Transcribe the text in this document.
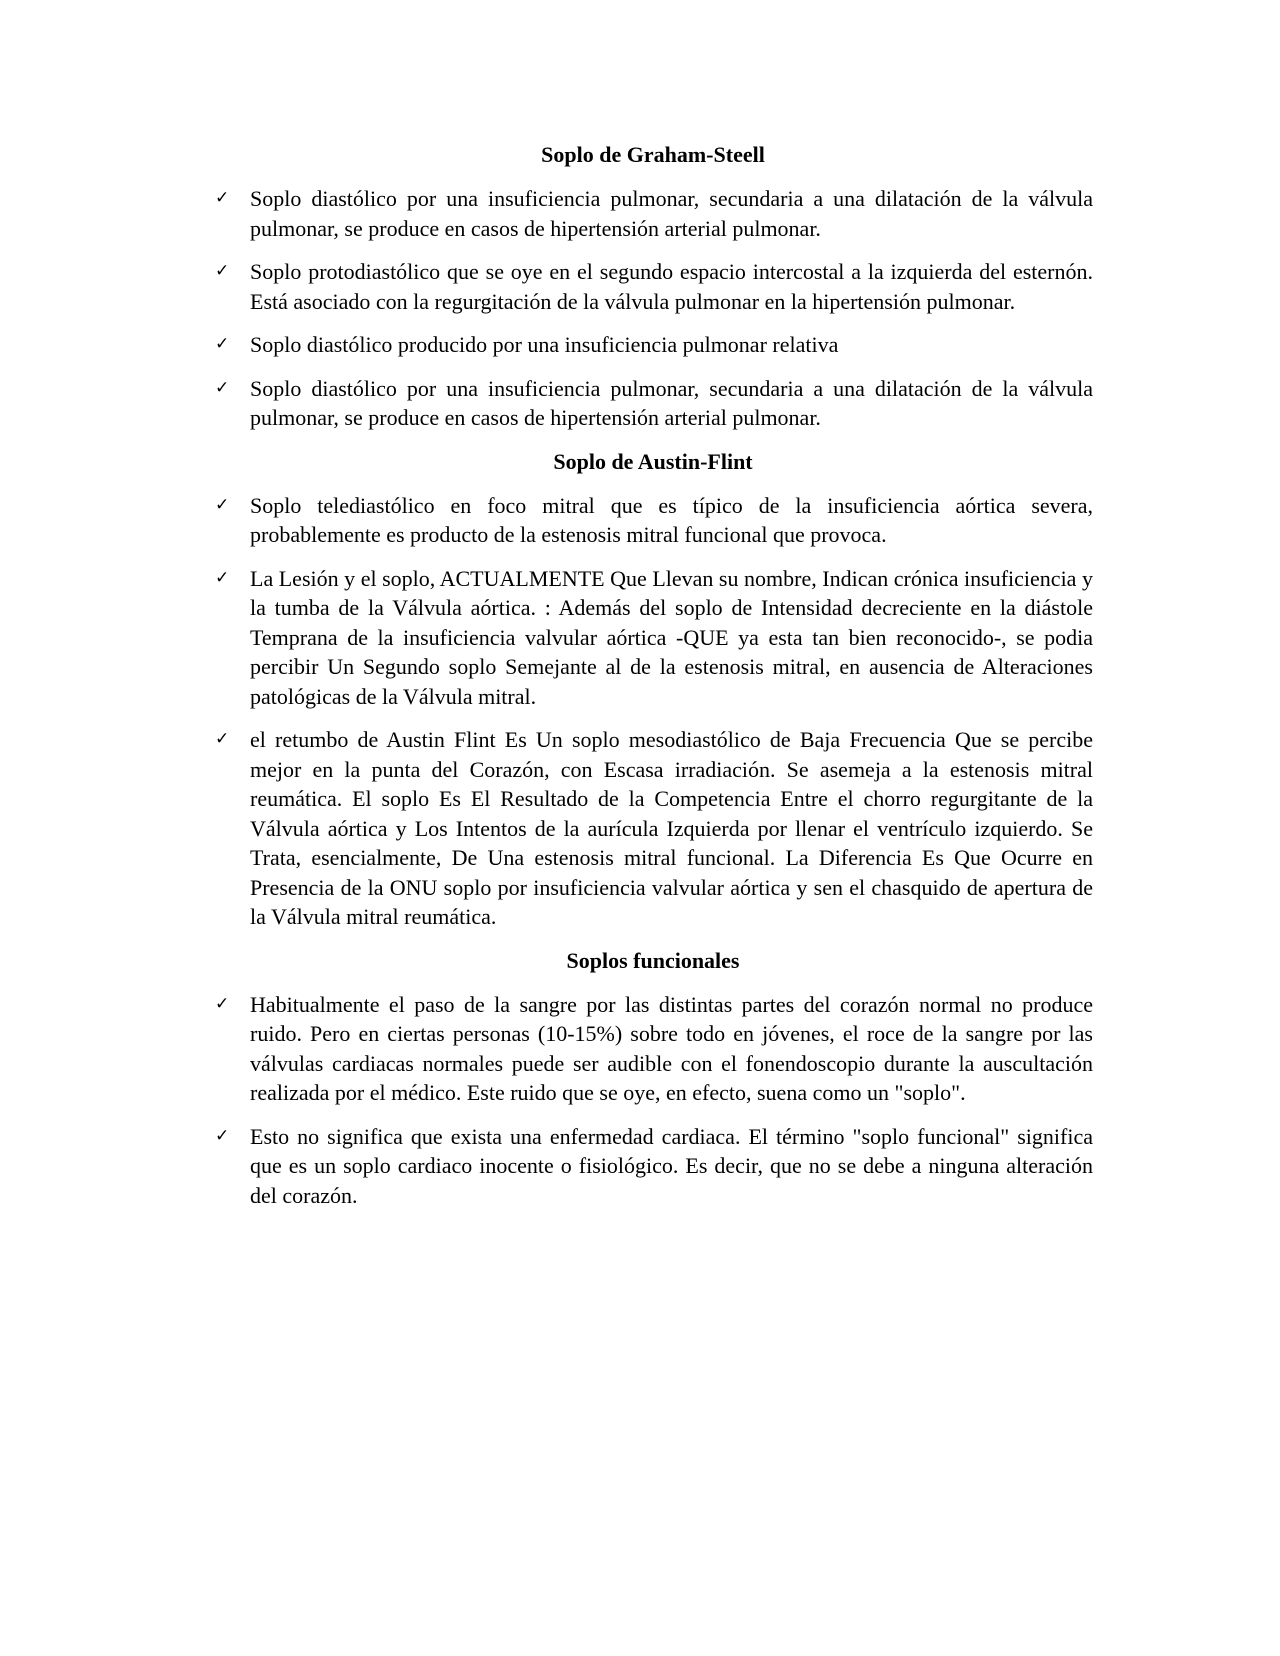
Soplo de Graham-Steell
✓ Soplo diastólico por una insuficiencia pulmonar, secundaria a una dilatación de la válvula pulmonar, se produce en casos de hipertensión arterial pulmonar.
✓ Soplo protodiastólico que se oye en el segundo espacio intercostal a la izquierda del esternón. Está asociado con la regurgitación de la válvula pulmonar en la hipertensión pulmonar.
✓ Soplo diastólico producido por una insuficiencia pulmonar relativa
✓ Soplo diastólico por una insuficiencia pulmonar, secundaria a una dilatación de la válvula pulmonar, se produce en casos de hipertensión arterial pulmonar.
Soplo de Austin-Flint
✓ Soplo telediastólico en foco mitral que es típico de la insuficiencia aórtica severa, probablemente es producto de la estenosis mitral funcional que provoca.
✓ La Lesión y el soplo, ACTUALMENTE Que Llevan su nombre, Indican crónica insuficiencia y la tumba de la Válvula aórtica. : Además del soplo de Intensidad decreciente en la diástole Temprana de la insuficiencia valvular aórtica -QUE ya esta tan bien reconocido-, se podia percibir Un Segundo soplo Semejante al de la estenosis mitral, en ausencia de Alteraciones patológicas de la Válvula mitral.
✓ el retumbo de Austin Flint Es Un soplo mesodiastólico de Baja Frecuencia Que se percibe mejor en la punta del Corazón, con Escasa irradiación. Se asemeja a la estenosis mitral reumática. El soplo Es El Resultado de la Competencia Entre el chorro regurgitante de la Válvula aórtica y Los Intentos de la aurícula Izquierda por llenar el ventrículo izquierdo. Se Trata, esencialmente, De Una estenosis mitral funcional. La Diferencia Es Que Ocurre en Presencia de la ONU soplo por insuficiencia valvular aórtica y sen el chasquido de apertura de la Válvula mitral reumática.
Soplos funcionales
✓ Habitualmente el paso de la sangre por las distintas partes del corazón normal no produce ruido. Pero en ciertas personas (10-15%) sobre todo en jóvenes, el roce de la sangre por las válvulas cardiacas normales puede ser audible con el fonendoscopio durante la auscultación realizada por el médico. Este ruido que se oye, en efecto, suena como un "soplo".
✓ Esto no significa que exista una enfermedad cardiaca. El término "soplo funcional" significa que es un soplo cardiaco inocente o fisiológico. Es decir, que no se debe a ninguna alteración del corazón.
